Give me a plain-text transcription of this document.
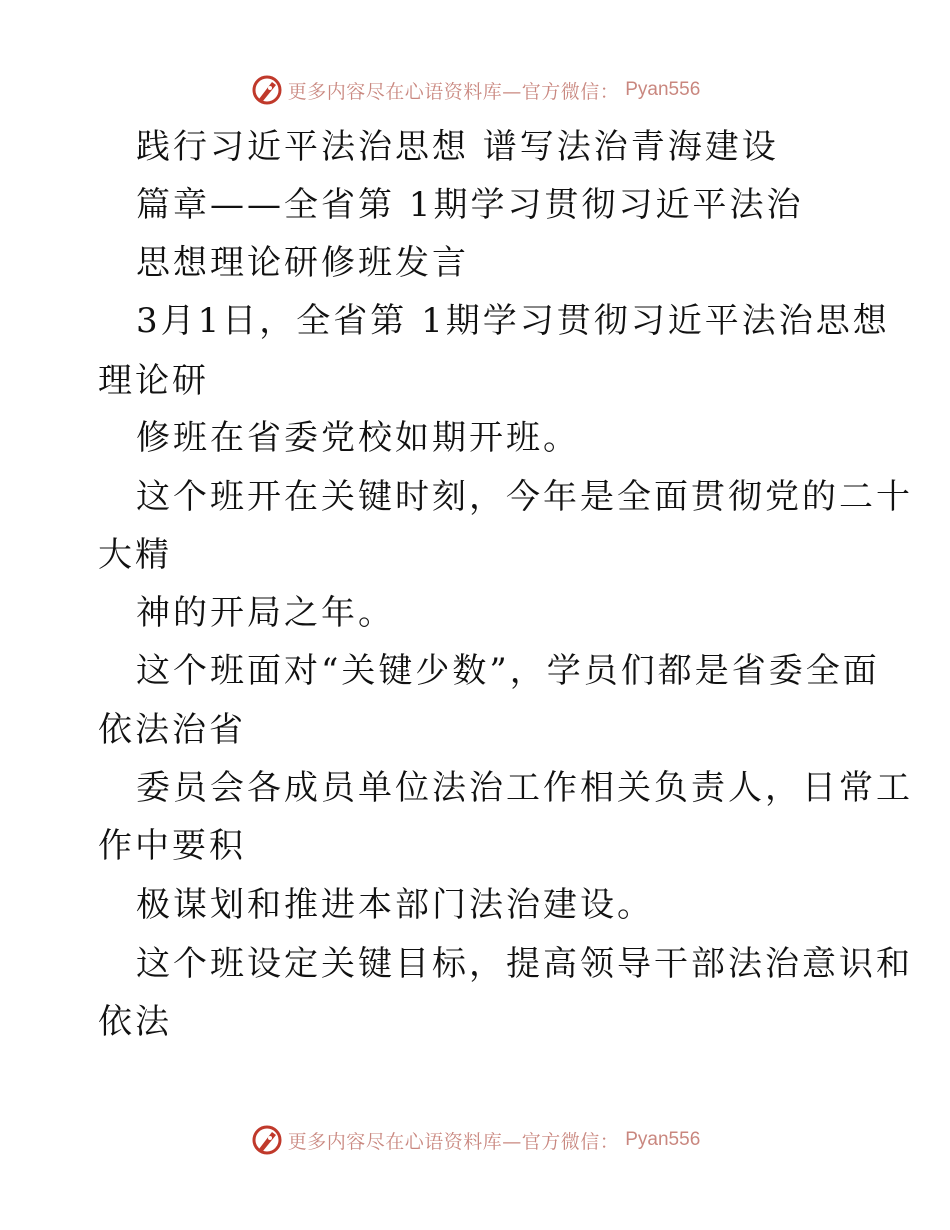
更多内容尽在心语资料库—官方微信： Pyan556
践行习近平法治思想 谱写法治青海建设
篇章——全省第 1期学习贯彻习近平法治
思想理论研修班发言
3月1日，全省第 1期学习贯彻习近平法治思想
理论研
修班在省委党校如期开班。
这个班开在关键时刻，今年是全面贯彻党的二十
大精
神的开局之年。
这个班面对“关键少数”，学员们都是省委全面
依法治省
委员会各成员单位法治工作相关负责人，日常工
作中要积
极谋划和推进本部门法治建设。
这个班设定关键目标，提高领导干部法治意识和
依法
更多内容尽在心语资料库—官方微信： Pyan556
